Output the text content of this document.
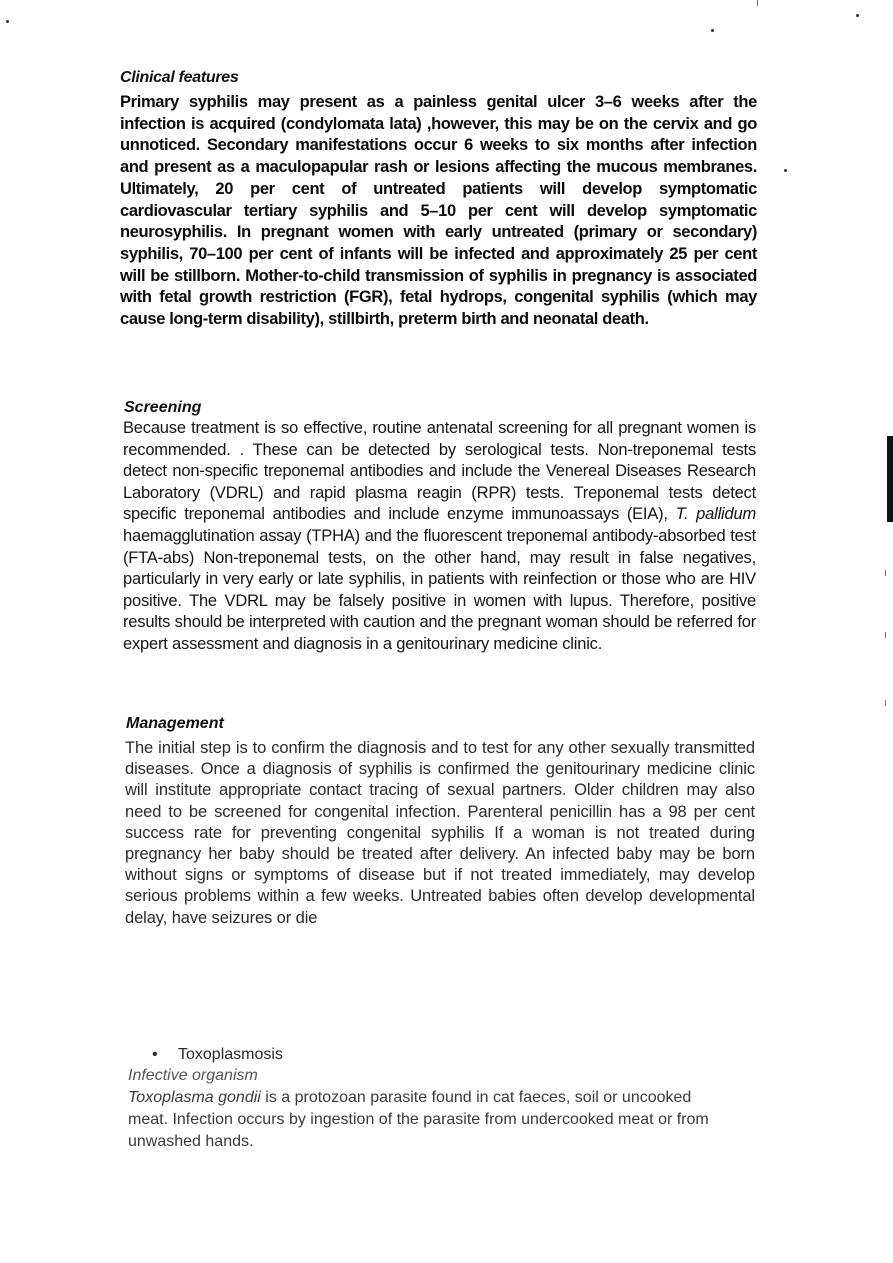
Clinical features

Primary syphilis may present as a painless genital ulcer 3–6 weeks after the infection is acquired (condylomata lata) ,however, this may be on the cervix and go unnoticed. Secondary manifestations occur 6 weeks to six months after infection and present as a maculopapular rash or lesions affecting the mucous membranes. Ultimately, 20 per cent of untreated patients will develop symptomatic cardiovascular tertiary syphilis and 5–10 per cent will develop symptomatic neurosyphilis. In pregnant women with early untreated (primary or secondary) syphilis, 70–100 per cent of infants will be infected and approximately 25 per cent will be stillborn. Mother-to-child transmission of syphilis in pregnancy is associated with fetal growth restriction (FGR), fetal hydrops, congenital syphilis (which may cause long-term disability), stillbirth, preterm birth and neonatal death.

Screening

Because treatment is so effective, routine antenatal screening for all pregnant women is recommended. . These can be detected by serological tests. Non-treponemal tests detect non-specific treponemal antibodies and include the Venereal Diseases Research Laboratory (VDRL) and rapid plasma reagin (RPR) tests. Treponemal tests detect specific treponemal antibodies and include enzyme immunoassays (EIA), T. pallidum haemagglutination assay (TPHA) and the fluorescent treponemal antibody-absorbed test (FTA-abs) Non-treponemal tests, on the other hand, may result in false negatives, particularly in very early or late syphilis, in patients with reinfection or those who are HIV positive. The VDRL may be falsely positive in women with lupus. Therefore, positive results should be interpreted with caution and the pregnant woman should be referred for expert assessment and diagnosis in a genitourinary medicine clinic.

Management

The initial step is to confirm the diagnosis and to test for any other sexually transmitted diseases. Once a diagnosis of syphilis is confirmed the genitourinary medicine clinic will institute appropriate contact tracing of sexual partners. Older children may also need to be screened for congenital infection. Parenteral penicillin has a 98 per cent success rate for preventing congenital syphilis If a woman is not treated during pregnancy her baby should be treated after delivery. An infected baby may be born without signs or symptoms of disease but if not treated immediately, may develop serious problems within a few weeks. Untreated babies often develop developmental delay, have seizures or die

• Toxoplasmosis

Infective organism

Toxoplasma gondii is a protozoan parasite found in cat faeces, soil or uncooked meat. Infection occurs by ingestion of the parasite from undercooked meat or from unwashed hands.
